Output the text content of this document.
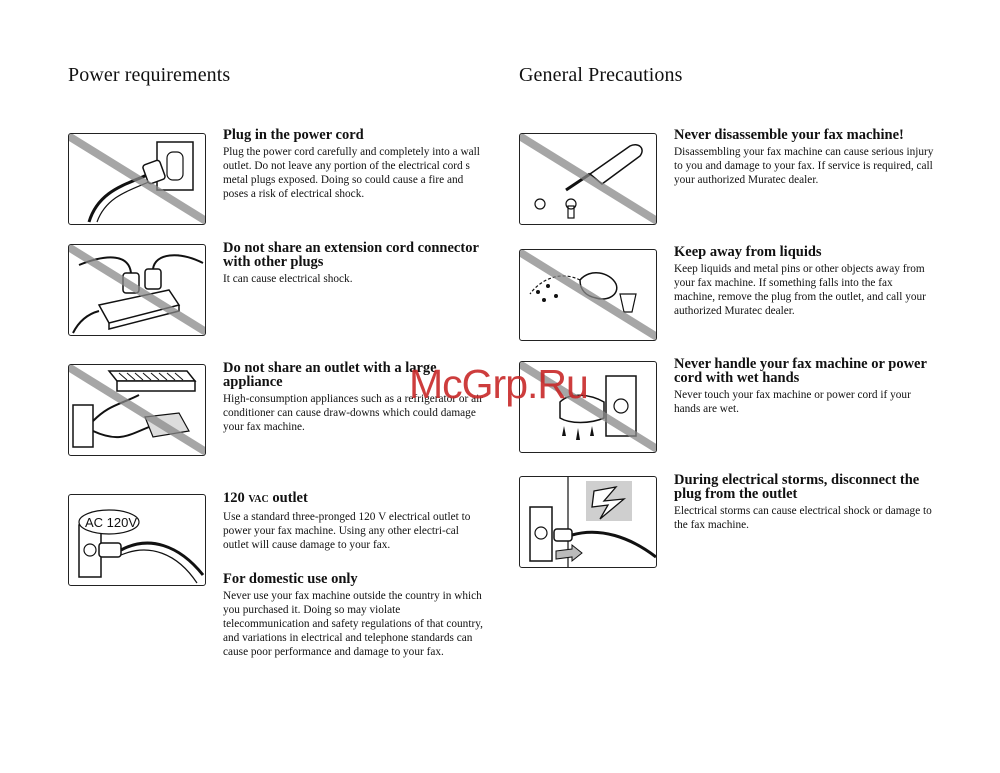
Power requirements	General Precautions
Plug in the power cord

Plug the power cord carefully and completely into a wall outlet. Do not leave any portion of the electrical cord s metal plugs exposed. Doing so could cause a fire and poses a risk of electrical shock.

Do not share an extension cord connector with other plugs

It can cause electrical shock.

Do not share an outlet with a large appliance

High-consumption appliances such as a refrigerator or air conditioner can cause draw-downs which could damage your fax machine.

AC 120V
120 VAC outlet

Use a standard three-pronged 120 V electrical outlet to power your fax machine. Using any other electri-cal outlet will cause damage to your fax.

For domestic use only

Never use your fax machine outside the country in which you purchased it. Doing so may violate telecommunication and safety regulations of that country, and variations in electrical and telephone standards can cause poor performance and damage to your fax.

Never disassemble your fax machine!

Disassembling your fax machine can cause serious injury to you and damage to your fax. If service is required, call your authorized Muratec dealer.

Keep away from liquids

Keep liquids and metal pins or other objects away from your fax machine. If something falls into the fax machine, remove the plug from the outlet, and call your authorized Muratec dealer.

Never handle your fax machine or power cord with wet hands

Never touch your fax machine or power cord if your hands are wet.

During electrical storms, disconnect the plug from the outlet

Electrical storms can cause electrical shock or damage to the fax machine.

McGrp.Ru
